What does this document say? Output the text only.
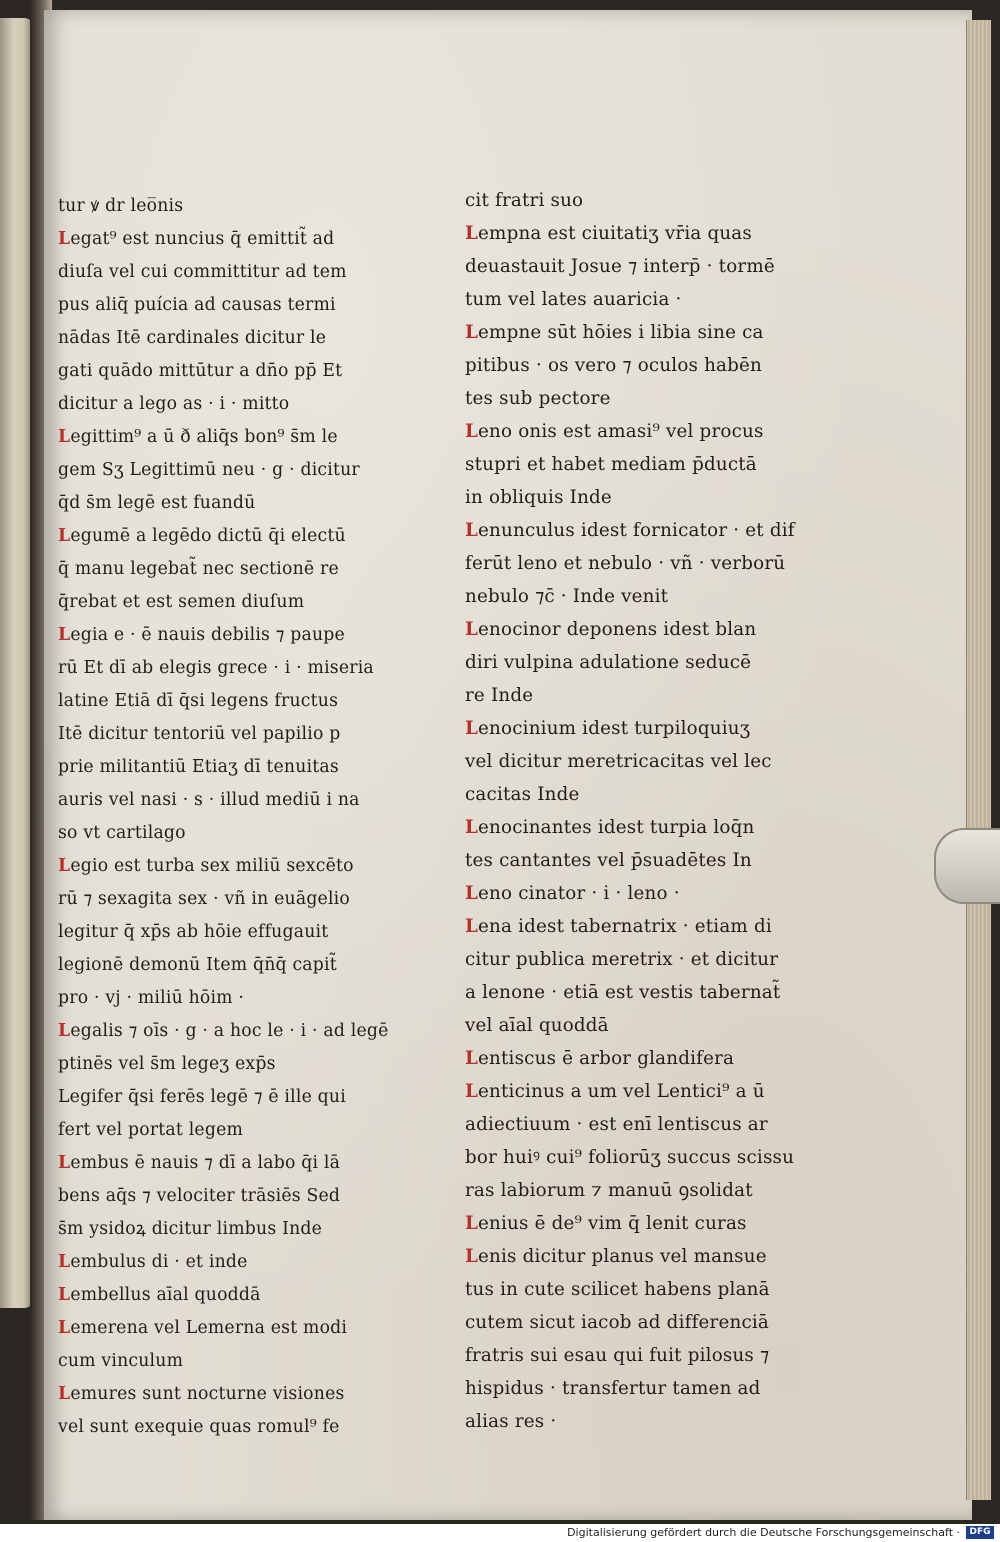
tur ꝟ dr leo̅nis
Legat⁹ est nuncius q̄ emittit̃ ad
diuſa vel cui committitur ad tem
pus aliq̄ puícia ad causas termi
nādas Itē cardinales dicitur le
gati quādo mittūtur a dn̄o pp̄ Et
dicitur a lego as · i · mitto
Legittim⁹ a ū ð aliq̄s bon⁹ s̄m le
gem Sʒ Legittimū neu · g · dicitur
q̄d s̄m legē est fuandū
Legumē a legēdo dictū q̄i electū
q̄ manu legebat̃ nec sectionē re
q̄rebat et est semen diuſum
Legia e · ē nauis debilis ⁊ paupe
rū Et dī ab elegis grece · i · miseria
latine Etiā dī q̄si legens fructus
Itē dicitur tentoriū vel papilio p
prie militantiū Etiaʒ dī tenuitas
auris vel nasi · s · illud mediū i na
so vt cartilago
Legio est turba sex miliū sexcēto
rū ⁊ sexagita sex · vñ in euāgelio
legitur q̄ xp̄s ab hōie effugauit
legionē demonū Item q̄n̄q̄ capit̃
pro · vj · miliū hōim ·
Legalis ⁊ oīs · g · a hoc le · i · ad legē
ptinēs vel s̄m legeʒ exp̄s
Legifer q̄si ferēs legē ⁊ ē ille qui
fert vel portat legem
Lembus ē nauis ⁊ dī a labo q̄i lā
bens aq̄s ⁊ velociter trāsiēs Sed
s̄m ysidoꝝ dicitur limbus Inde
Lembulus di · et inde
Lembellus aīal quoddā
Lemerena vel Lemerna est modi
cum vinculum
Lemures sunt nocturne visiones
vel sunt exequie quas romul⁹ fe
cit fratri suo
Lempna est ciuitatiʒ vr̄ia quas
deuastauit Josue ⁊ interp̄ · tormē
tum vel lates auaricia ·
Lempne sūt hōies i libia sine ca
pitibus · os vero ⁊ oculos habēn
tes sub pectore
Leno onis est amasi⁹ vel procus
stupri et habet mediam p̄ductā
in obliquis Inde
Lenunculus idest fornicator · et dif
ferūt leno et nebulo · vñ · verborū
nebulo ⁊c̄ · Inde venit
Lenocinor deponens idest blan
diri vulpina adulatione seducē
re Inde
Lenocinium idest turpiloquiuʒ
vel dicitur meretricacitas vel lec
cacitas Inde
Lenocinantes idest turpia loq̄n
tes cantantes vel p̄suadētes In
Leno cinator · i · leno ·
Lena idest tabernatrix · etiam di
citur publica meretrix · et dicitur
a lenone · etiā est vestis tabernat̃
vel aīal quoddā
Lentiscus ē arbor glandifera
Lenticinus a um vel Lentici⁹ a ū
adiectiuum · est enī lentiscus ar
bor huiꝰ cui⁹ foliorūʒ succus scissu
ras labiorum ⁊ manuū ꝯsolidat
Lenius ē de⁹ vim q̄ lenit curas
Lenis dicitur planus vel mansue
tus in cute scilicet habens planā
cutem sicut iacob ad differenciā
fratris sui esau qui fuit pilosus ⁊
hispidus · transfertur tamen ad
alias res ·
Digitalisierung gefördert durch die Deutsche Forschungsgemeinschaft ·	DFG
